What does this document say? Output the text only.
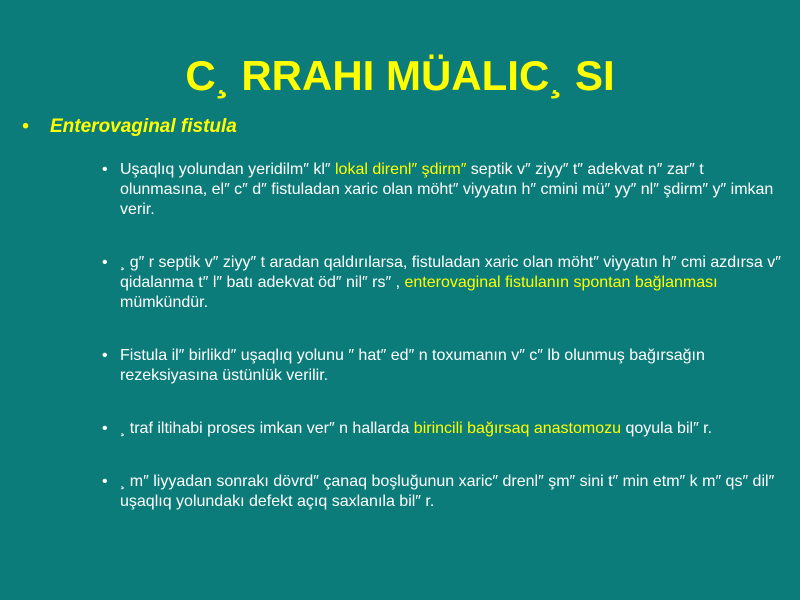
C¸ RRAHI MÜALIC¸ SI
• Enterovaginal fistula
• Uşaqlıq yolundan yeridilm″ kl″ lokal direnl″ şdirm″ septik v″ ziyy″ t″ adekvat n″ zar″ t olunmasına, el″ c″ d″ fistuladan xaric olan möht″ viyyatın h″ cmini mü″ yy″ nl″ şdirm″ y″ imkan verir.
• ¸ g″ r septik v″ ziyy″ t aradan qaldırılarsa, fistuladan xaric olan möht″ viyyatın h″ cmi azdırsa v″ qidalanma t″ l″ batı adekvat öd″ nil″ rs″ , enterovaginal fistulanın spontan bağlanması mümkündür.
• Fistula il″ birlikd″ uşaqlıq yolunu ″ hat″ ed″ n toxumanın v″ c″ lb olunmuş bağırsağın rezeksiyasına üstünlük verilir.
• ¸ traf iltihabi proses imkan ver″ n hallarda birincili bağırsaq anastomozu qoyula bil″ r.
• ¸ m″ liyyadan sonrakı dövrd″ çanaq boşluğunun xaric″ drenl″ şm″ sini t″ min etm″ k m″ qs″ dil″ uşaqlıq yolundakı defekt açıq saxlanıla bil″ r.
